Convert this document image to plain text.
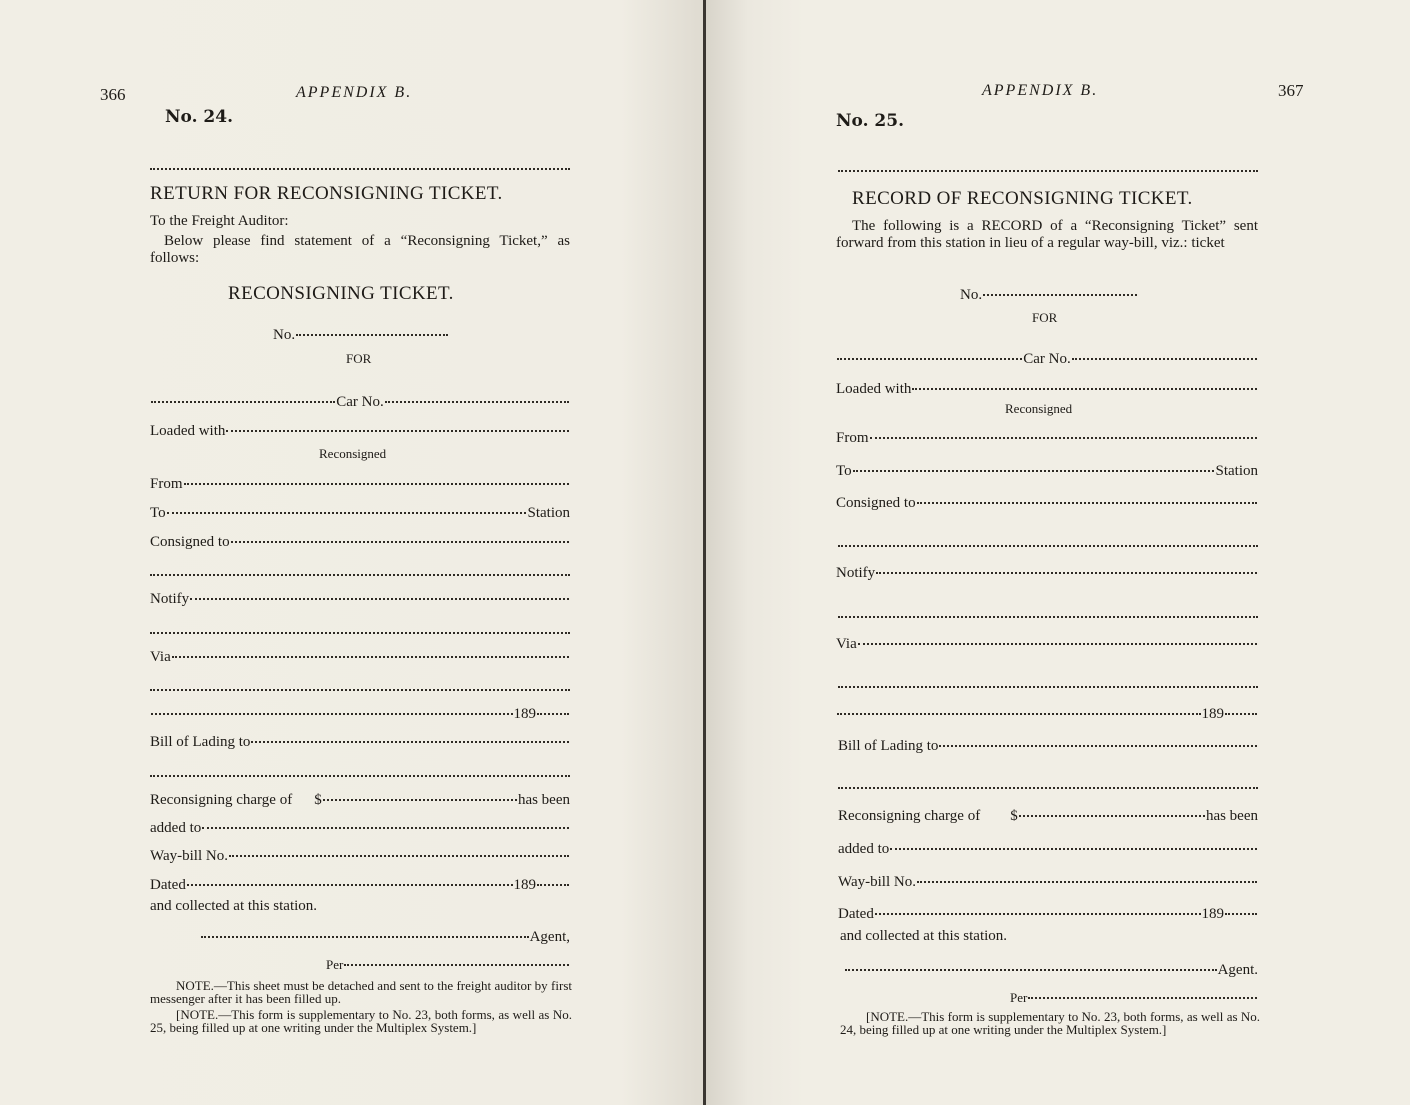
366	APPENDIX B.
No. 24.
RETURN FOR RECONSIGNING TICKET.
To the Freight Auditor:
Below please find statement of a “Reconsigning Ticket,” as follows:
RECONSIGNING TICKET.
No.
FOR
Car No.
Loaded with
Reconsigned
From
To	Station
Consigned to
Notify
Via
189
Bill of Lading to
Reconsigning charge of $	has been
added to
Way-bill No.
Dated	189
and collected at this station.
Agent,
Per
NOTE.—This sheet must be detached and sent to the freight auditor by first messenger after it has been filled up.
[NOTE.—This form is supplementary to No. 23, both forms, as well as No. 25, being filled up at one writing under the Multiplex System.]
APPENDIX B.	367
No. 25.
RECORD OF RECONSIGNING TICKET.
The following is a RECORD of a “Reconsigning Ticket” sent forward from this station in lieu of a regular way-bill, viz.: ticket
No.
FOR
Car No.
Loaded with
Reconsigned
From
To	Station
Consigned to
Notify
Via
189
Bill of Lading to
Reconsigning charge of $	has been
added to
Way-bill No.
Dated	189
and collected at this station.
Agent.
Per
[NOTE.—This form is supplementary to No. 23, both forms, as well as No. 24, being filled up at one writing under the Multiplex System.]
